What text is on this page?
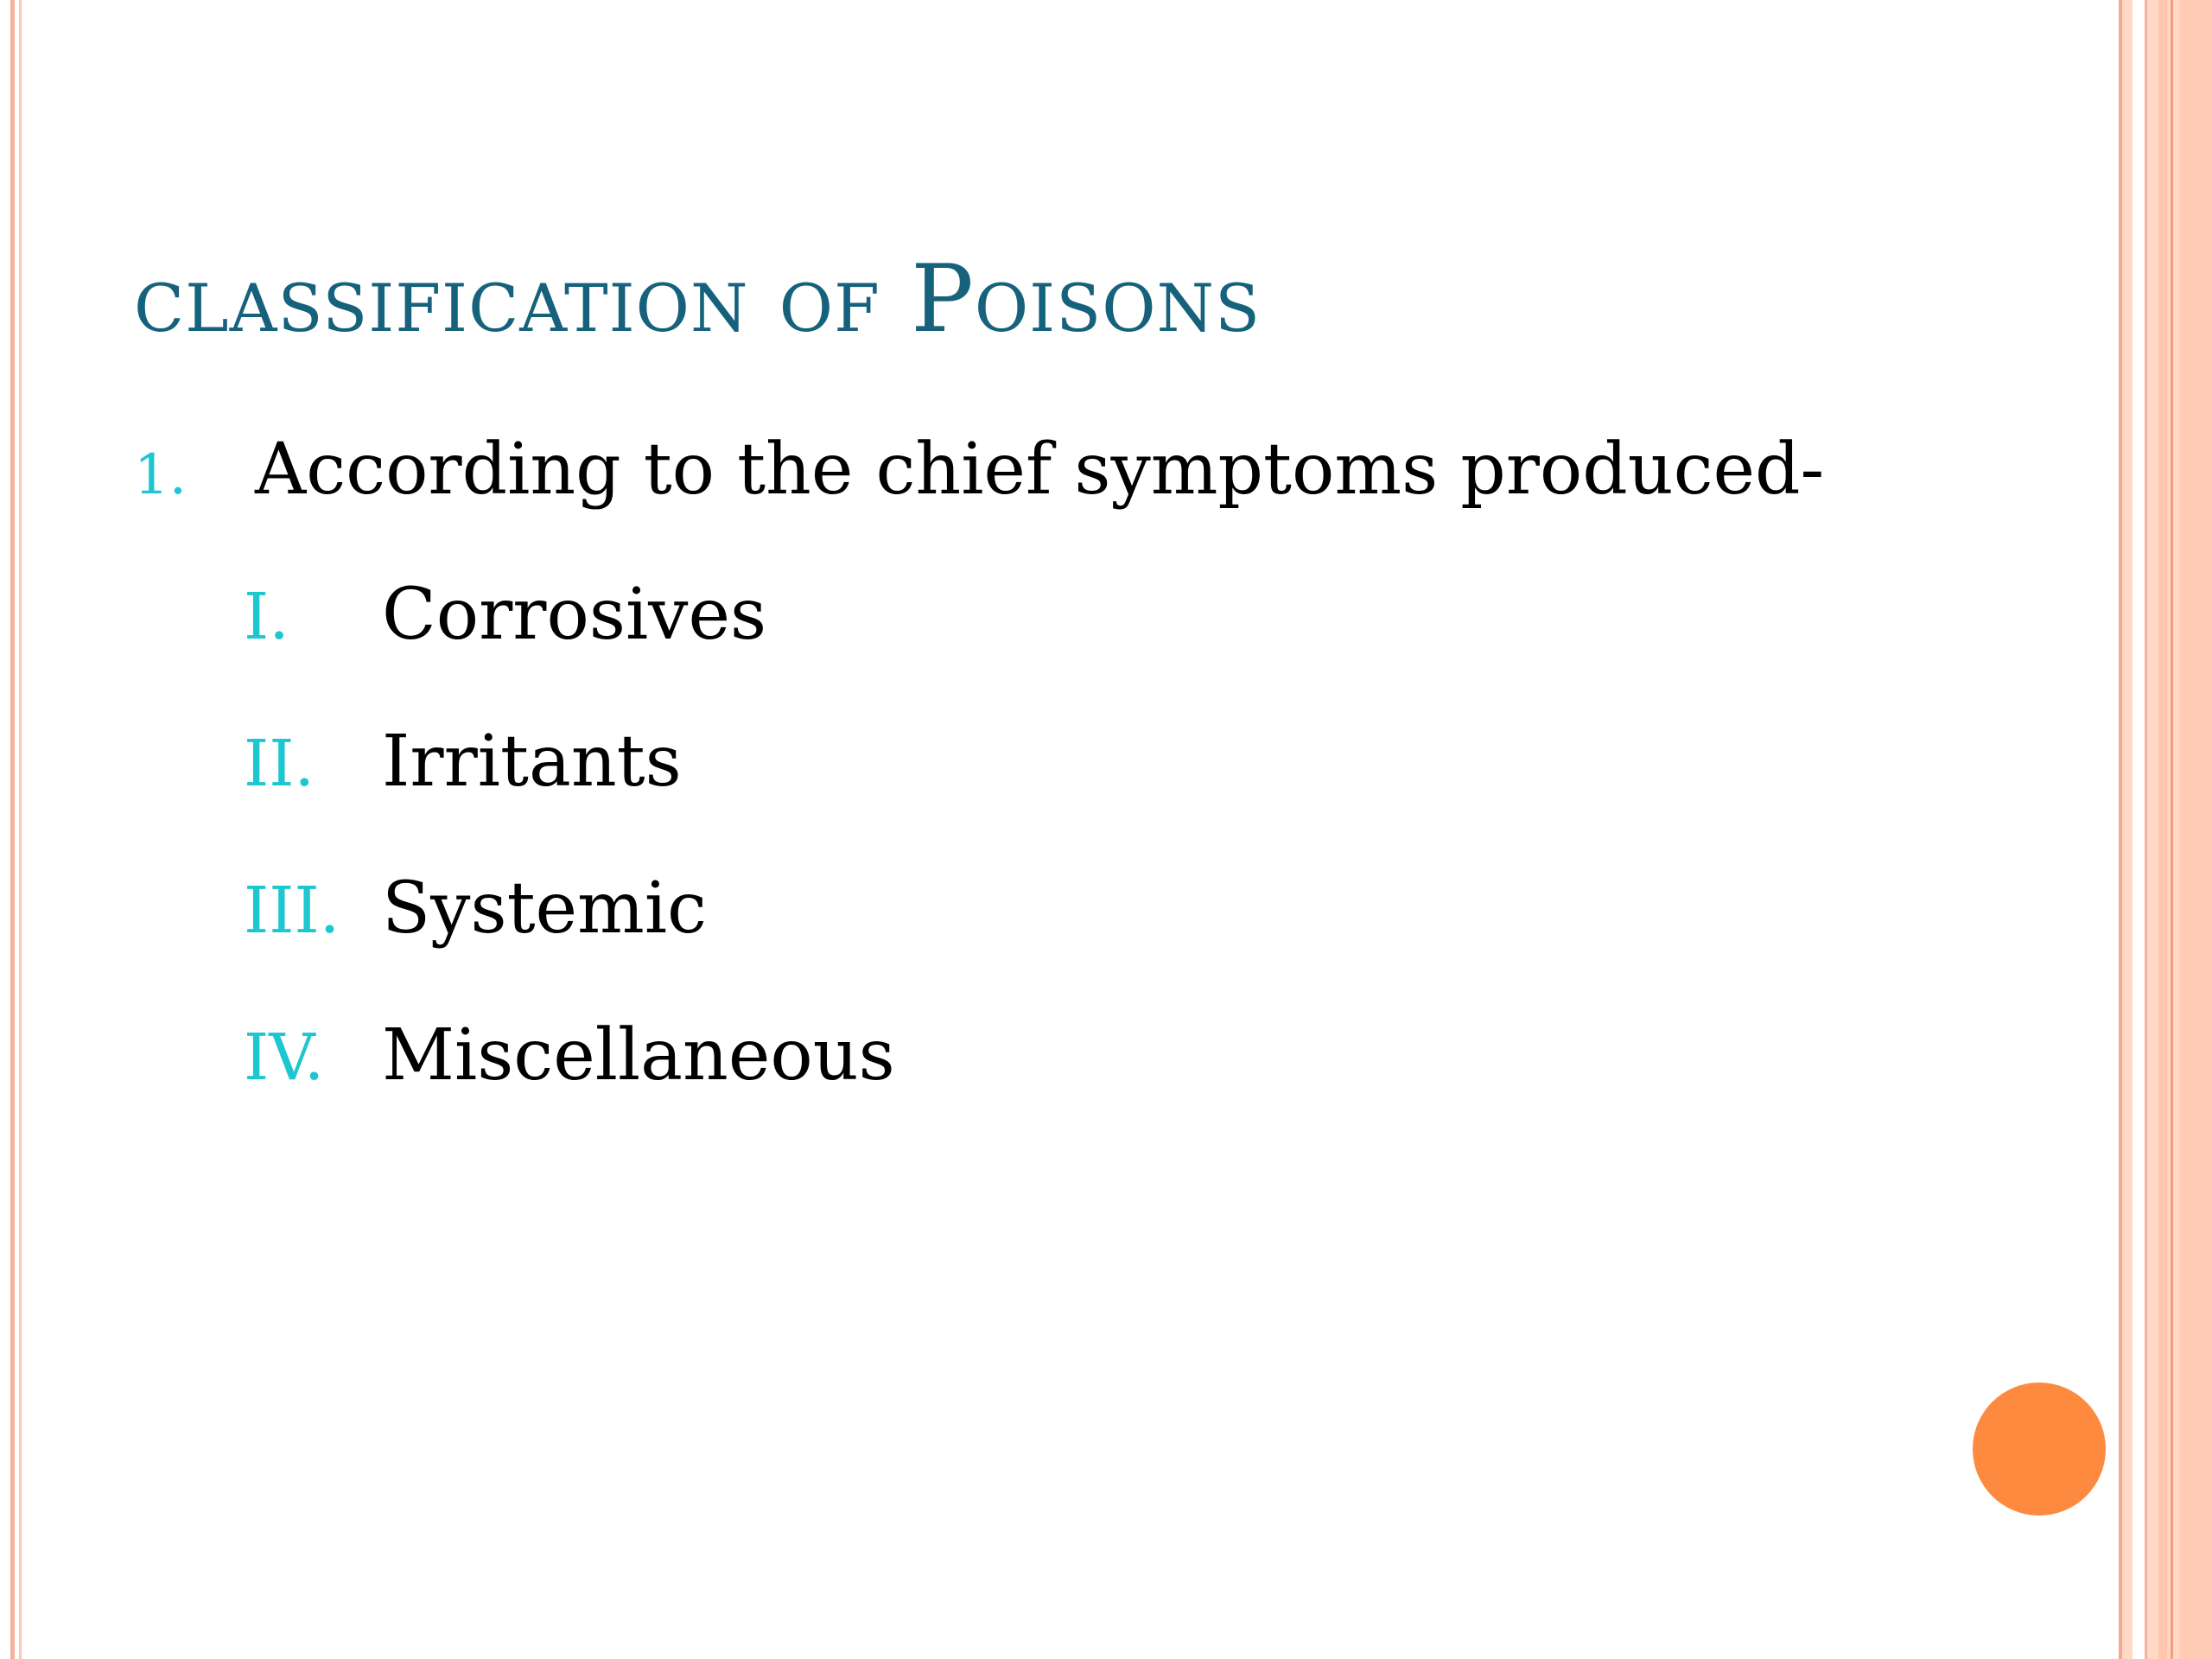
classification of Poisons
1. According to the chief symptoms produced-
I.	Corrosives
II. Irritants
III. Systemic
IV. Miscellaneous
